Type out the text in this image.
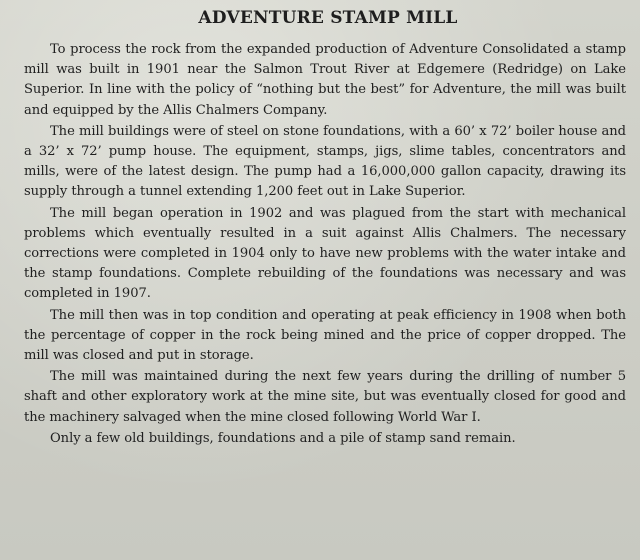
ADVENTURE STAMP MILL

To process the rock from the expanded production of Adventure Consolidated a stamp mill was built in 1901 near the Salmon Trout River at Edgemere (Redridge) on Lake Superior. In line with the policy of “nothing but the best” for Adventure, the mill was built and equipped by the Allis Chalmers Company.

The mill buildings were of steel on stone foundations, with a 60’ x 72’ boiler house and a 32’ x 72’ pump house. The equipment, stamps, jigs, slime tables, concentrators and mills, were of the latest design. The pump had a 16,000,000 gallon capacity, drawing its supply through a tunnel extending 1,200 feet out in Lake Superior.

The mill began operation in 1902 and was plagued from the start with mechanical problems which eventually resulted in a suit against Allis Chalmers. The necessary corrections were completed in 1904 only to have new problems with the water intake and the stamp foundations. Complete rebuilding of the foundations was necessary and was completed in 1907.

The mill then was in top condition and operating at peak efficiency in 1908 when both the percentage of copper in the rock being mined and the price of copper dropped. The mill was closed and put in storage.

The mill was maintained during the next few years during the drilling of number 5 shaft and other exploratory work at the mine site, but was eventually closed for good and the machinery salvaged when the mine closed following World War I.

Only a few old buildings, foundations and a pile of stamp sand remain.
